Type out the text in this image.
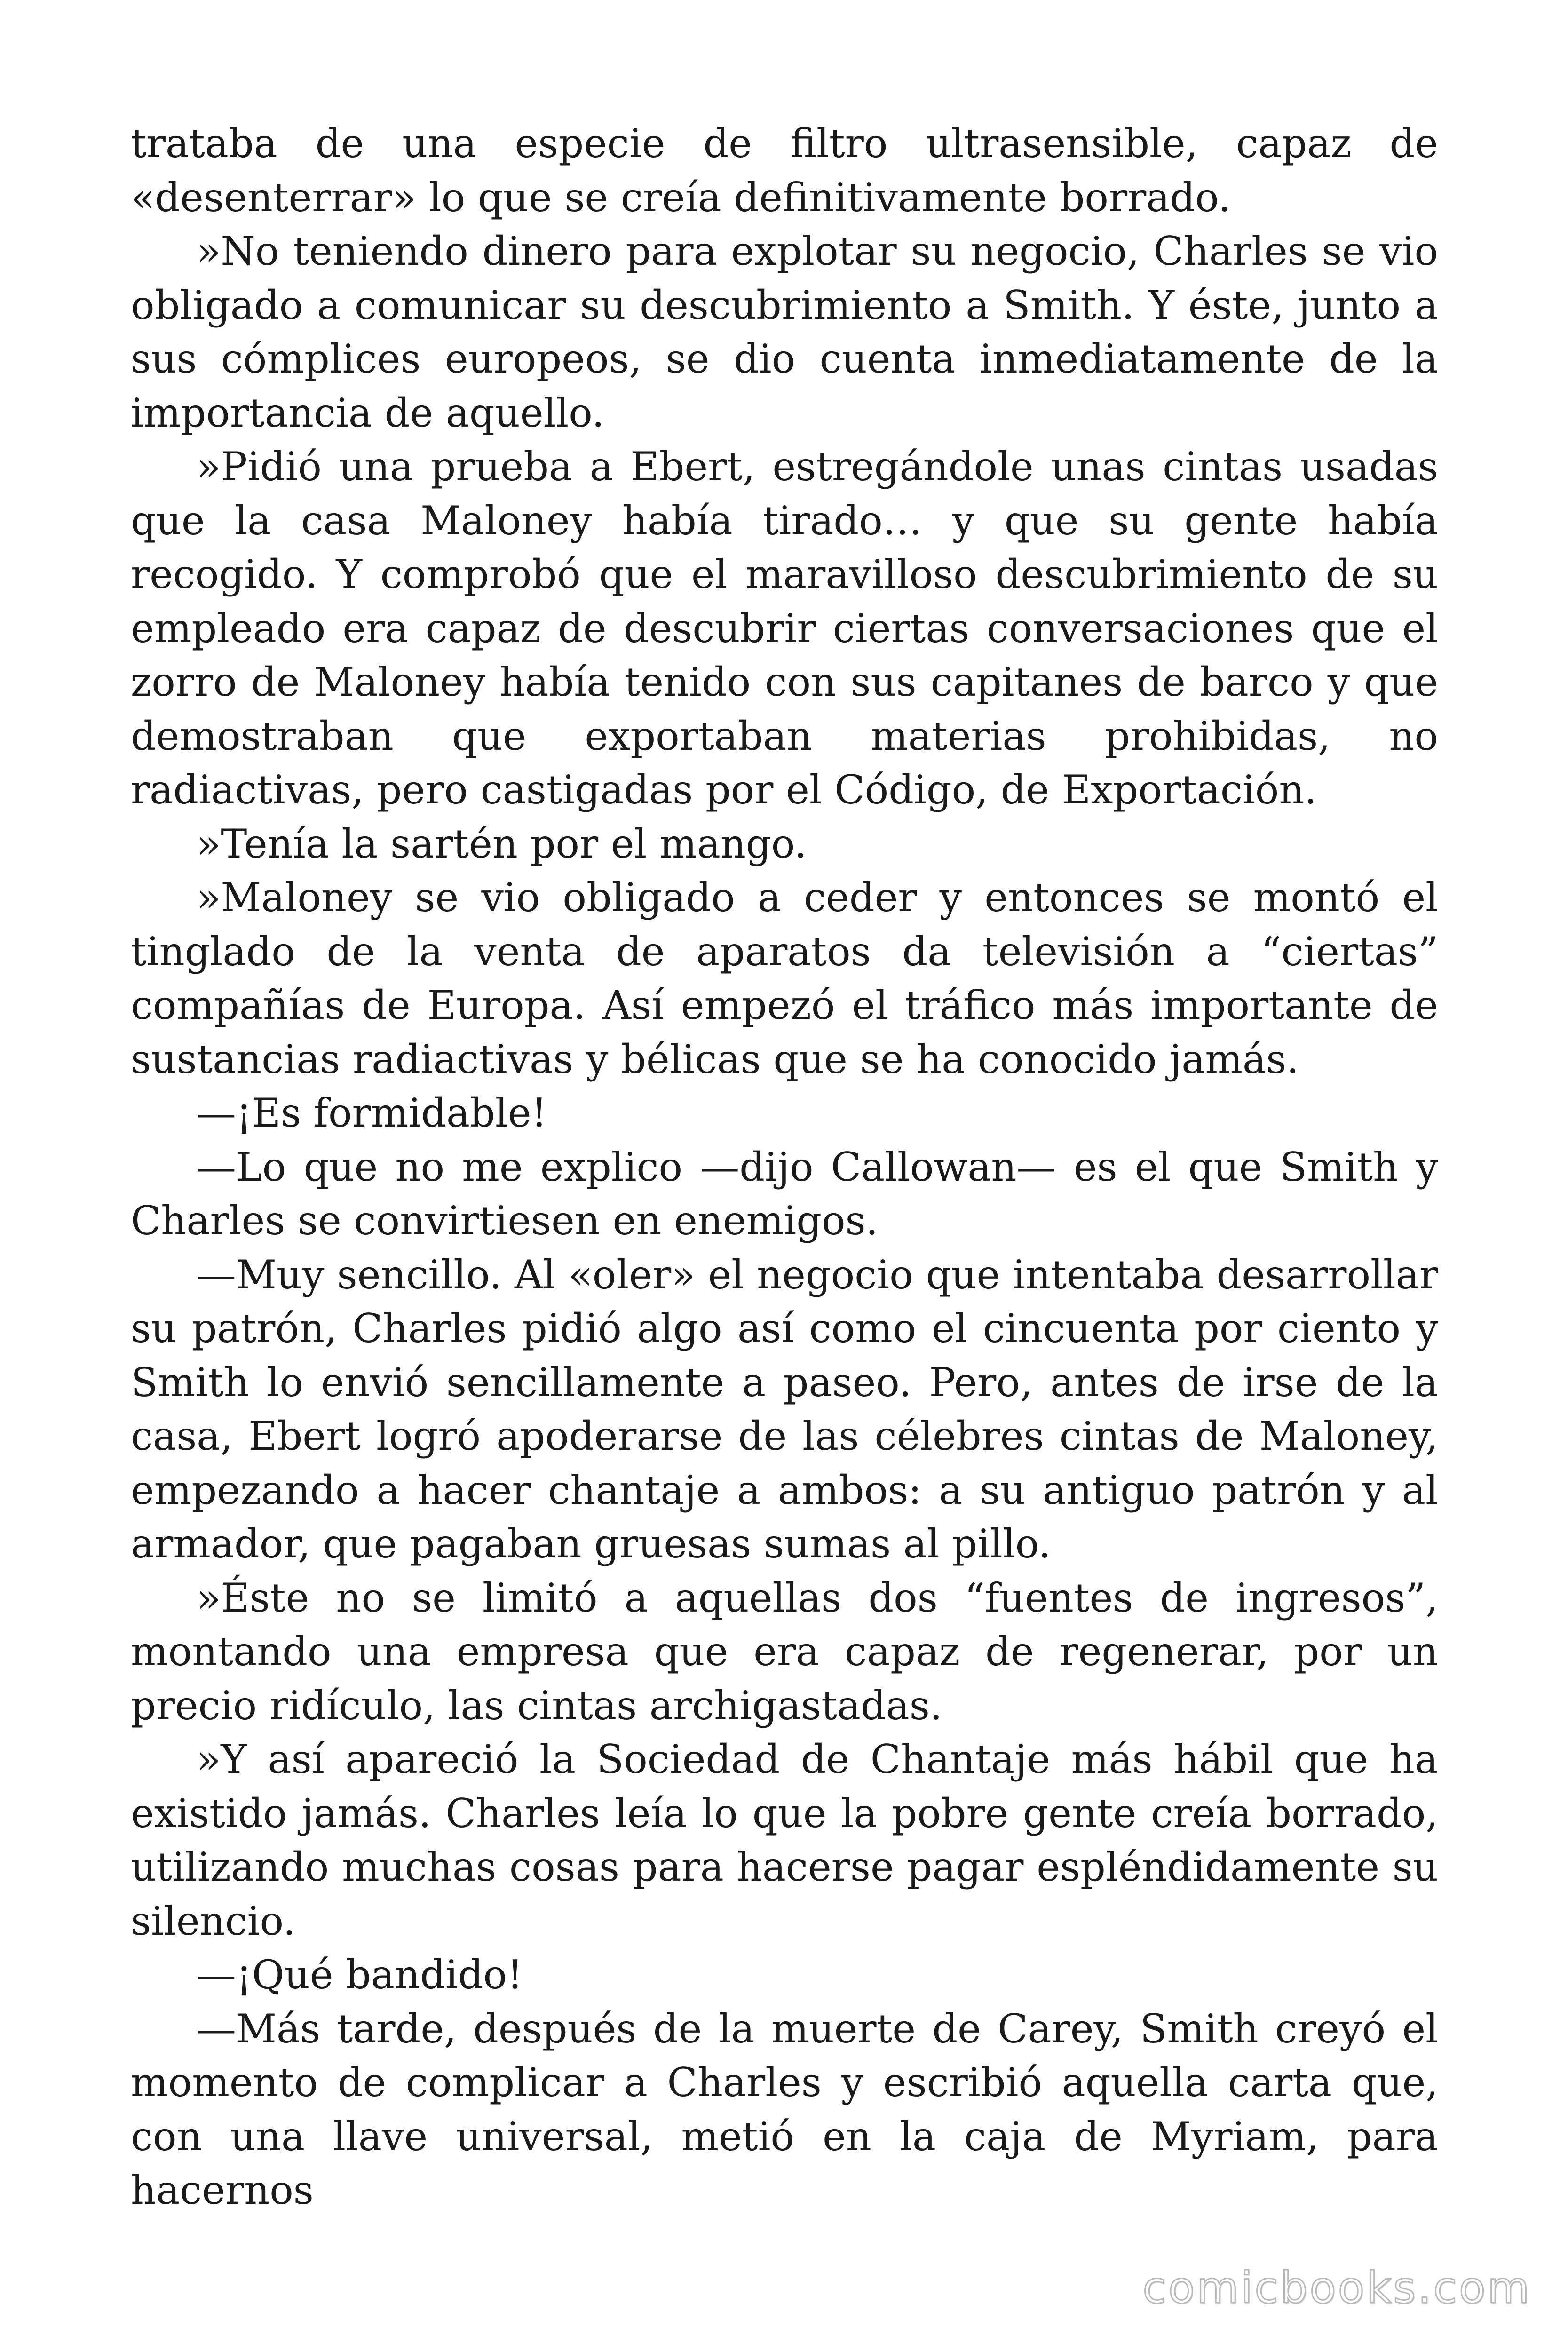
trataba de una especie de filtro ultrasensible, capaz de «desenterrar» lo que se creía definitivamente borrado.

»No teniendo dinero para explotar su negocio, Charles se vio obligado a comunicar su descubrimiento a Smith. Y éste, junto a sus cómplices europeos, se dio cuenta inmediatamente de la importancia de aquello.

»Pidió una prueba a Ebert, estregándole unas cintas usadas que la casa Maloney había tirado… y que su gente había recogido. Y comprobó que el maravilloso descubrimiento de su empleado era capaz de descubrir ciertas conversaciones que el zorro de Maloney había tenido con sus capitanes de barco y que demostraban que exportaban materias prohibidas, no radiactivas, pero castigadas por el Código, de Exportación.

»Tenía la sartén por el mango.

»Maloney se vio obligado a ceder y entonces se montó el tinglado de la venta de aparatos da televisión a “ciertas” compañías de Europa. Así empezó el tráfico más importante de sustancias radiactivas y bélicas que se ha conocido jamás.

—¡Es formidable!

—Lo que no me explico —dijo Callowan— es el que Smith y Charles se convirtiesen en enemigos.

—Muy sencillo. Al «oler» el negocio que intentaba desarrollar su patrón, Charles pidió algo así como el cincuenta por ciento y Smith lo envió sencillamente a paseo. Pero, antes de irse de la casa, Ebert logró apoderarse de las célebres cintas de Maloney, empezando a hacer chantaje a ambos: a su antiguo patrón y al armador, que pagaban gruesas sumas al pillo.

»Éste no se limitó a aquellas dos “fuentes de ingresos”, montando una empresa que era capaz de regenerar, por un precio ridículo, las cintas archigastadas.

»Y así apareció la Sociedad de Chantaje más hábil que ha existido jamás. Charles leía lo que la pobre gente creía borrado, utilizando muchas cosas para hacerse pagar espléndidamente su silencio.

—¡Qué bandido!

—Más tarde, después de la muerte de Carey, Smith creyó el momento de complicar a Charles y escribió aquella carta que, con una llave universal, metió en la caja de Myriam, para hacernos

comicbooks.com
